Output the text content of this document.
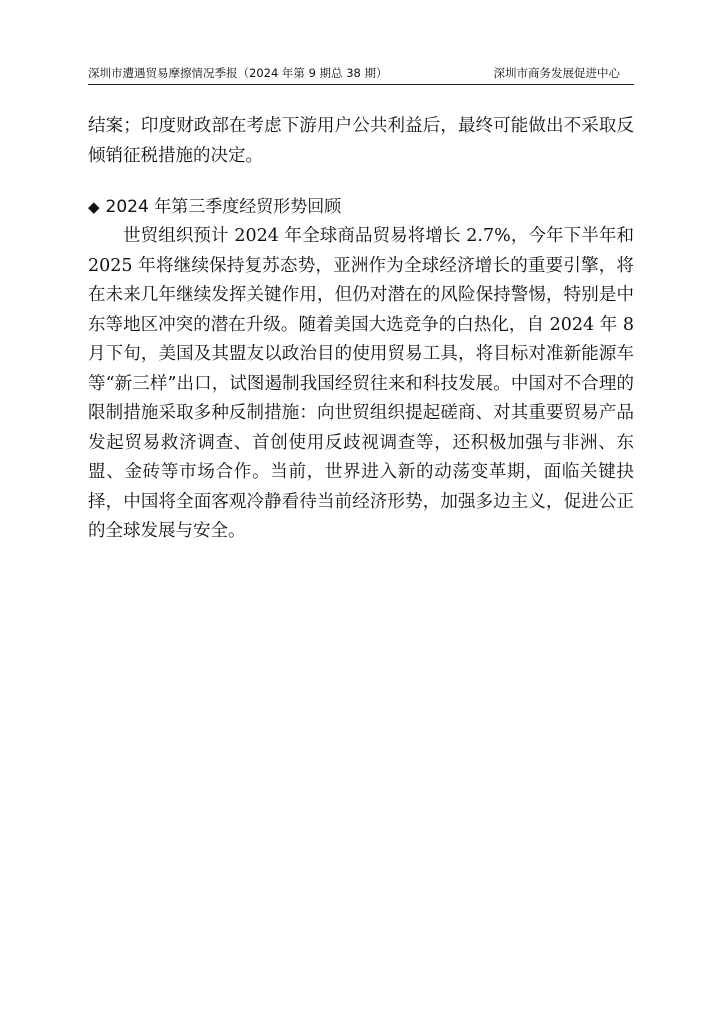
深圳市遭遇贸易摩擦情况季报（2024 年第 9 期总 38 期）	深圳市商务发展促进中心

结案；印度财政部在考虑下游用户公共利益后，最终可能做出不采取反倾销征税措施的决定。

◆ 2024 年第三季度经贸形势回顾

世贸组织预计 2024 年全球商品贸易将增长 2.7%，今年下半年和 2025 年将继续保持复苏态势，亚洲作为全球经济增长的重要引擎，将在未来几年继续发挥关键作用，但仍对潜在的风险保持警惕，特别是中东等地区冲突的潜在升级。随着美国大选竞争的白热化，自 2024 年 8 月下旬，美国及其盟友以政治目的使用贸易工具，将目标对准新能源车等“新三样”出口，试图遏制我国经贸往来和科技发展。中国对不合理的限制措施采取多种反制措施：向世贸组织提起磋商、对其重要贸易产品发起贸易救济调查、首创使用反歧视调查等，还积极加强与非洲、东盟、金砖等市场合作。当前，世界进入新的动荡变革期，面临关键抉择，中国将全面客观冷静看待当前经济形势，加强多边主义，促进公正的全球发展与安全。
